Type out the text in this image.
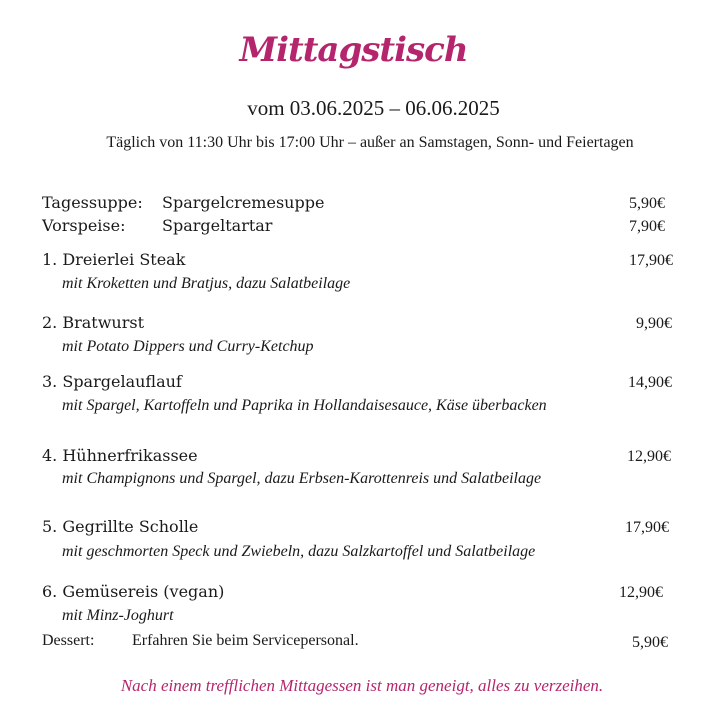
Mittagstisch
vom 03.06.2025 – 06.06.2025
Täglich von 11:30 Uhr bis 17:00 Uhr – außer an Samstagen, Sonn- und Feiertagen
Tagessuppe: Spargelcremesuppe	5,90€
Vorspeise: Spargeltartar	7,90€
1. Dreierlei Steak	17,90€
mit Kroketten und Bratjus, dazu Salatbeilage
2. Bratwurst	9,90€
mit Potato Dippers und Curry-Ketchup
3. Spargelauflauf	14,90€
mit Spargel, Kartoffeln und Paprika in Hollandaisesauce, Käse überbacken
4. Hühnerfrikassee	12,90€
mit Champignons und Spargel, dazu Erbsen-Karottenreis und Salatbeilage
5. Gegrillte Scholle	17,90€
mit geschmorten Speck und Zwiebeln, dazu Salzkartoffel und Salatbeilage
6. Gemüsereis (vegan)	12,90€
mit Minz-Joghurt
Dessert: Erfahren Sie beim Servicepersonal.	5,90€
Nach einem trefflichen Mittagessen ist man geneigt, alles zu verzeihen.
